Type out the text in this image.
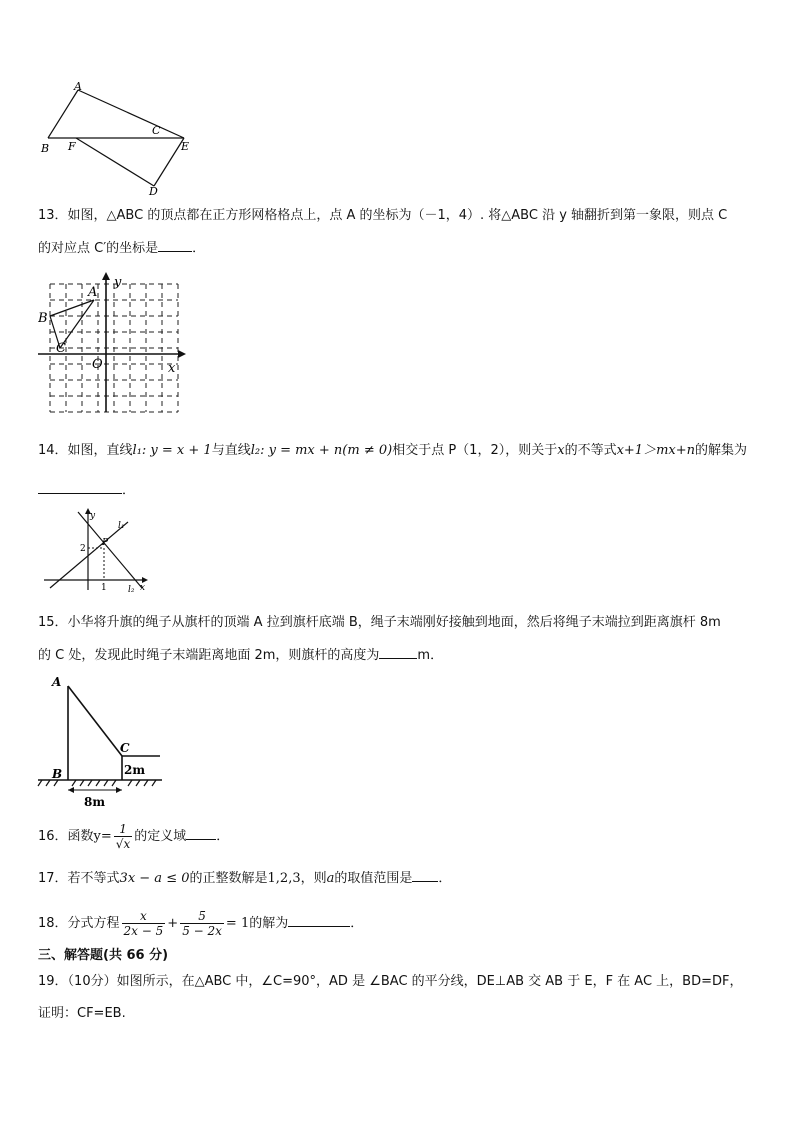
A
B F
C
E
D
13．如图，△ABC 的顶点都在正方形网格格点上，点 A 的坐标为（－1，4）. 将△ABC 沿 y 轴翻折到第一象限，则点 C
的对应点 C′的坐标是	．
A
B
C
O	x
y
14．如图，直线l₁: y = x + 1与直线l₂: y = mx + n(m ≠ 0)相交于点 P（1，2），则关于x的不等式x+1＞mx+n的解集为
．
y
x
2
1
P
l₁
l₂
15．小华将升旗的绳子从旗杆的顶端 A 拉到旗杆底端 B，绳子末端刚好接触到地面，然后将绳子末端拉到距离旗杆 8m
的 C 处，发现此时绳子末端距离地面 2m，则旗杆的高度为	m．
A
B
C
2m
8m
16．函数$y= \frac{1}{√x}$ 的定义域 ．
17．若不等式3x − a ≤ 0的正整数解是1,2,3，则a的取值范围是 ．
18．分式方程 $\frac{x}{2x - 5} + \frac{5}{5 - 2x} = 1$的解为	．
三、解答题(共 66 分)
19．（10分）如图所示，在△ABC 中，∠C=90°，AD 是 ∠BAC 的平分线，DE⊥AB 交 AB 于 E，F 在 AC 上，BD=DF，
证明：CF=EB.
